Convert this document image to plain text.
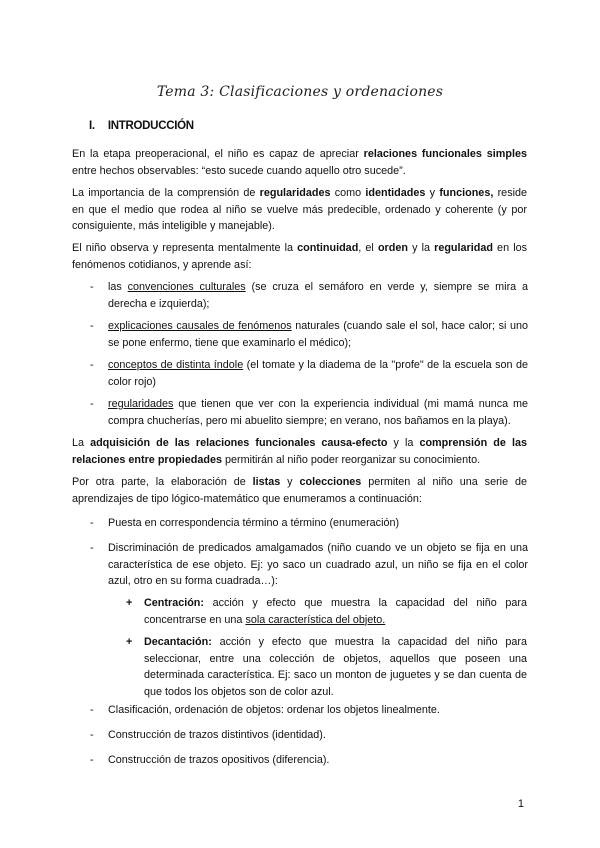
Tema 3: Clasificaciones y ordenaciones
I. INTRODUCCIÓN
En la etapa preoperacional, el niño es capaz de apreciar relaciones funcionales simples entre hechos observables: “esto sucede cuando aquello otro sucede”.
La importancia de la comprensión de regularidades como identidades y funciones, reside en que el medio que rodea al niño se vuelve más predecible, ordenado y coherente (y por consiguiente, más inteligible y manejable).
El niño observa y representa mentalmente la continuidad, el orden y la regularidad en los fenómenos cotidianos, y aprende así:
- las convenciones culturales (se cruza el semáforo en verde y, siempre se mira a derecha e izquierda);
- explicaciones causales de fenómenos naturales (cuando sale el sol, hace calor; si uno se pone enfermo, tiene que examinarlo el médico);
- conceptos de distinta índole (el tomate y la diadema de la "profe" de la escuela son de color rojo)
- regularidades que tienen que ver con la experiencia individual (mi mamá nunca me compra chucherías, pero mi abuelito siempre; en verano, nos bañamos en la playa).
La adquisición de las relaciones funcionales causa-efecto y la comprensión de las relaciones entre propiedades permitirán al niño poder reorganizar su conocimiento.
Por otra parte, la elaboración de listas y colecciones permiten al niño una serie de aprendizajes de tipo lógico-matemático que enumeramos a continuación:
- Puesta en correspondencia término a término (enumeración)
- Discriminación de predicados amalgamados (niño cuando ve un objeto se fija en una característica de ese objeto. Ej: yo saco un cuadrado azul, un niño se fija en el color azul, otro en su forma cuadrada…):
+ Centración: acción y efecto que muestra la capacidad del niño para concentrarse en una sola característica del objeto.
+ Decantación: acción y efecto que muestra la capacidad del niño para seleccionar, entre una colección de objetos, aquellos que poseen una determinada característica. Ej: saco un monton de juguetes y se dan cuenta de que todos los objetos son de color azul.
- Clasificación, ordenación de objetos: ordenar los objetos linealmente.
- Construcción de trazos distintivos (identidad).
- Construcción de trazos opositivos (diferencia).
1
